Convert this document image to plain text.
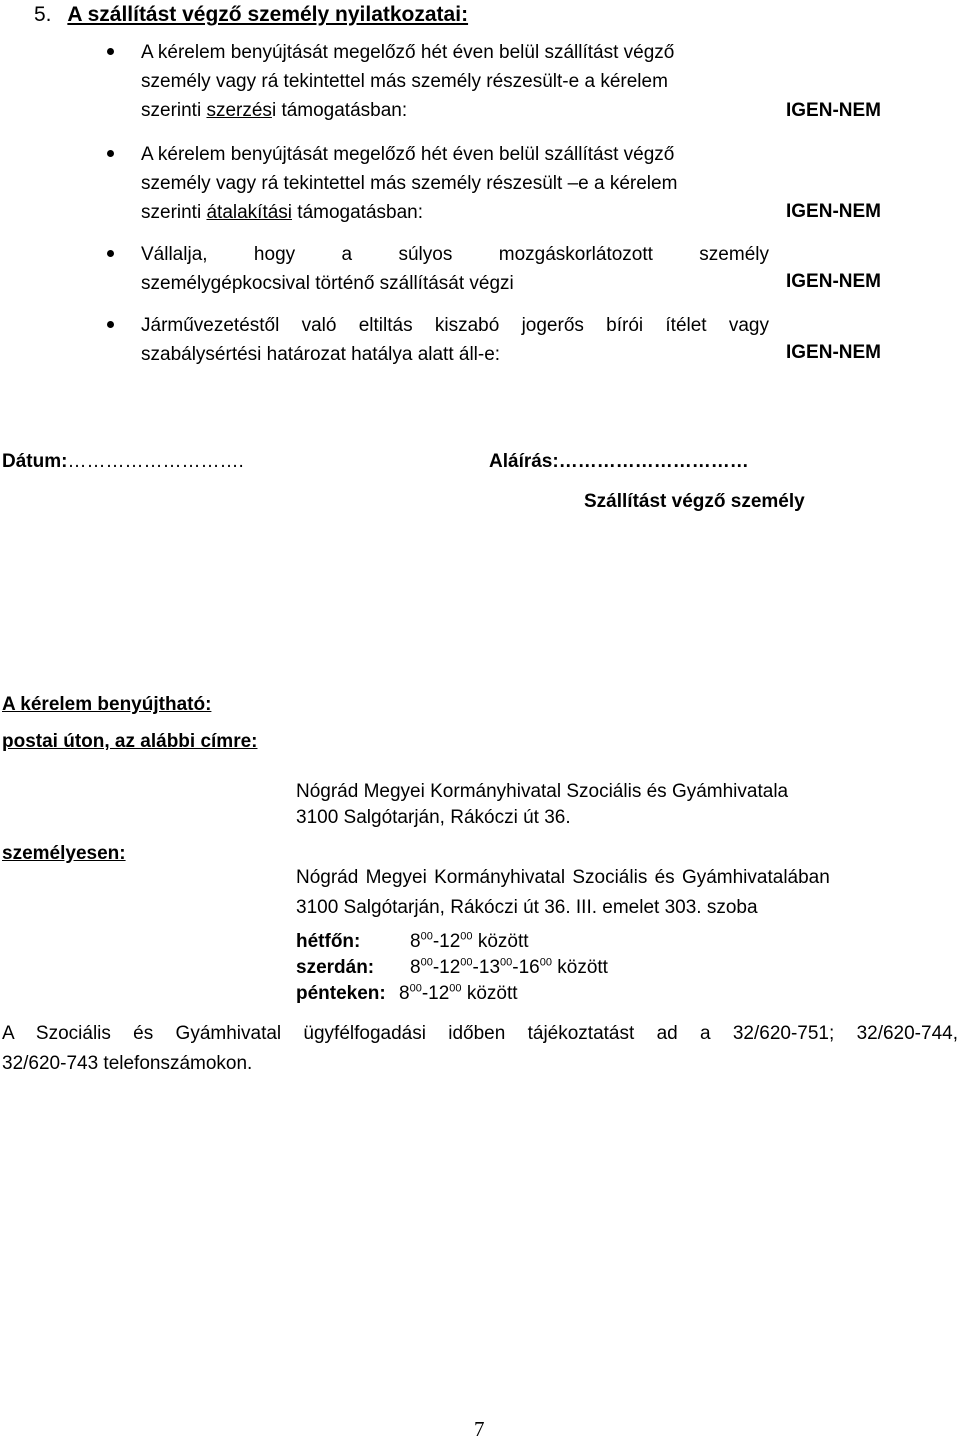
5. A szállítást végző személy nyilatkozatai:
A kérelem benyújtását megelőző hét éven belül szállítást végző
személy vagy rá tekintettel más személy részesült-e a kérelem
szerinti szerzési támogatásban:	IGEN-NEM
A kérelem benyújtását megelőző hét éven belül szállítást végző
személy vagy rá tekintettel más személy részesült –e a kérelem
szerinti átalakítási támogatásban:	IGEN-NEM
Vállalja, hogy a súlyos mozgáskorlátozott személy
személygépkocsival történő szállítását végzi	IGEN-NEM
Járművezetéstől való eltiltás kiszabó jogerős bírói ítélet vagy
szabálysértési határozat hatálya alatt áll-e:	IGEN-NEM
Dátum:……………………….	Aláírás:…………………………
Szállítást végző személy
A kérelem benyújtható:
postai úton, az alábbi címre:
Nógrád Megyei Kormányhivatal Szociális és Gyámhivatala
3100 Salgótarján, Rákóczi út 36.
személyesen:
Nógrád Megyei Kormányhivatal Szociális és Gyámhivatalában
3100 Salgótarján, Rákóczi út 36. III. emelet 303. szoba
hétfőn:	$8^{00}-12^{00}$ között
szerdán: $8^{00}-12^{00}-13^{00}-16^{00}$ között
pénteken: $8^{00}-12^{00}$ között
A Szociális és Gyámhivatal ügyfélfogadási időben tájékoztatást ad a 32/620-751; 32/620-744,
32/620-743 telefonszámokon.
7
